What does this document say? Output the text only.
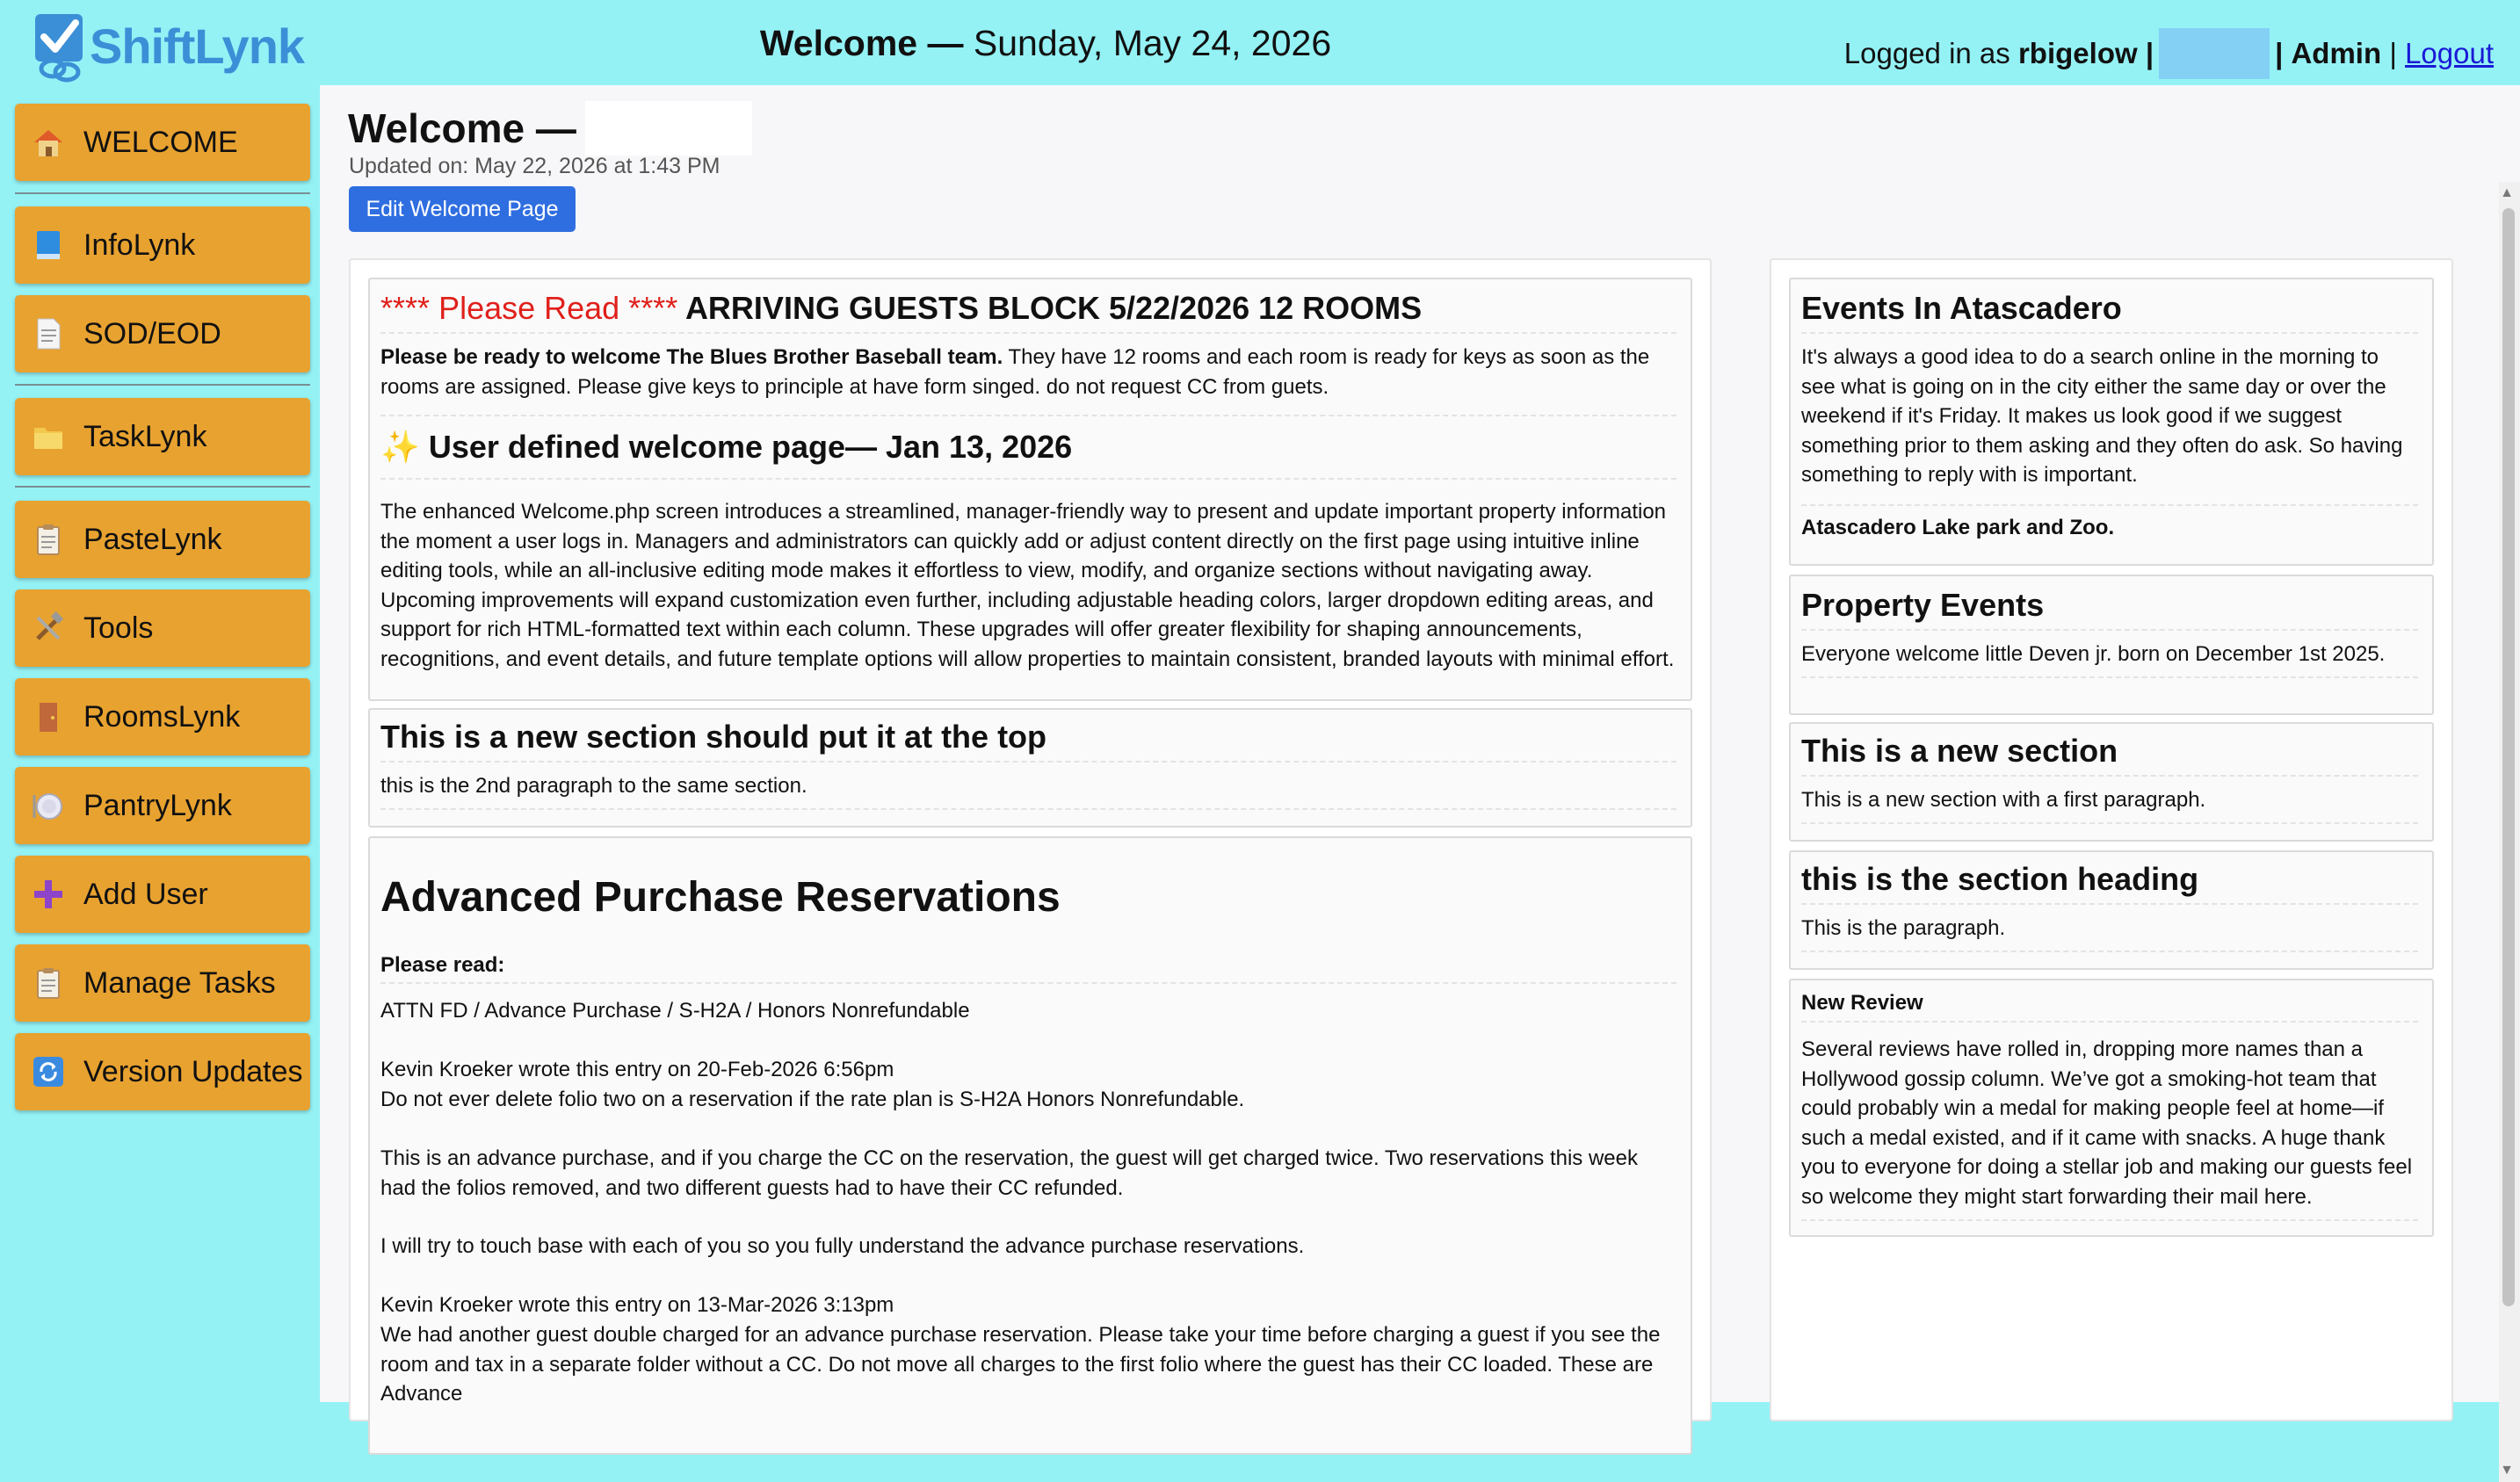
ShiftLynk	Welcome — Sunday, May 24, 2026	Logged in as
rbigelow
|	|
Admin
|
Logout
WELCOME
InfoLynk
SOD/EOD
TaskLynk
PasteLynk
Tools
RoomsLynk
PantryLynk
Add User
Manage Tasks
Version Updates
Welcome —
Updated on: May 22, 2026 at 1:43 PM
Edit Welcome Page
**** Please Read **** ARRIVING GUESTS BLOCK 5/22/2026 12 ROOMS
Please be ready to welcome The Blues Brother Baseball team. They have 12 rooms and each room is ready for keys as soon as the rooms are assigned. Please give keys to principle at have form singed. do not request CC from guets.
✨ User defined welcome page— Jan 13, 2026
The enhanced Welcome.php screen introduces a streamlined, manager-friendly way to present and update important property information the moment a user logs in. Managers and administrators can quickly add or adjust content directly on the first page using intuitive inline editing tools, while an all-inclusive editing mode makes it effortless to view, modify, and organize sections without navigating away. Upcoming improvements will expand customization even further, including adjustable heading colors, larger dropdown editing areas, and support for rich HTML-formatted text within each column. These upgrades will offer greater flexibility for shaping announcements, recognitions, and event details, and future template options will allow properties to maintain consistent, branded layouts with minimal effort.
This is a new section should put it at the top
this is the 2nd paragraph to the same section.
Advanced Purchase Reservations
Please read:
ATTN FD / Advance Purchase / S-H2A / Honors Nonrefundable
Kevin Kroeker wrote this entry on 20-Feb-2026 6:56pm
Do not ever delete folio two on a reservation if the rate plan is S-H2A Honors Nonrefundable.
This is an advance purchase, and if you charge the CC on the reservation, the guest will get charged twice. Two reservations this week had the folios removed, and two different guests had to have their CC refunded.
I will try to touch base with each of you so you fully understand the advance purchase reservations.
Kevin Kroeker wrote this entry on 13-Mar-2026 3:13pm
We had another guest double charged for an advance purchase reservation. Please take your time before charging a guest if you see the room and tax in a separate folder without a CC. Do not move all charges to the first folio where the guest has their CC loaded. These are Advance
Events In Atascadero
It's always a good idea to do a search online in the morning to see what is going on in the city either the same day or over the weekend if it's Friday. It makes us look good if we suggest something prior to them asking and they often do ask. So having something to reply with is important.
Atascadero Lake park and Zoo.
Property Events
Everyone welcome little Deven jr. born on December 1st 2025.
This is a new section
This is a new section with a first paragraph.
this is the section heading
This is the paragraph.
New Review
Several reviews have rolled in, dropping more names than a Hollywood gossip column. We’ve got a smoking-hot team that could probably win a medal for making people feel at home—if such a medal existed, and if it came with snacks. A huge thank you to everyone for doing a stellar job and making our guests feel so welcome they might start forwarding their mail here.
▲
▼
